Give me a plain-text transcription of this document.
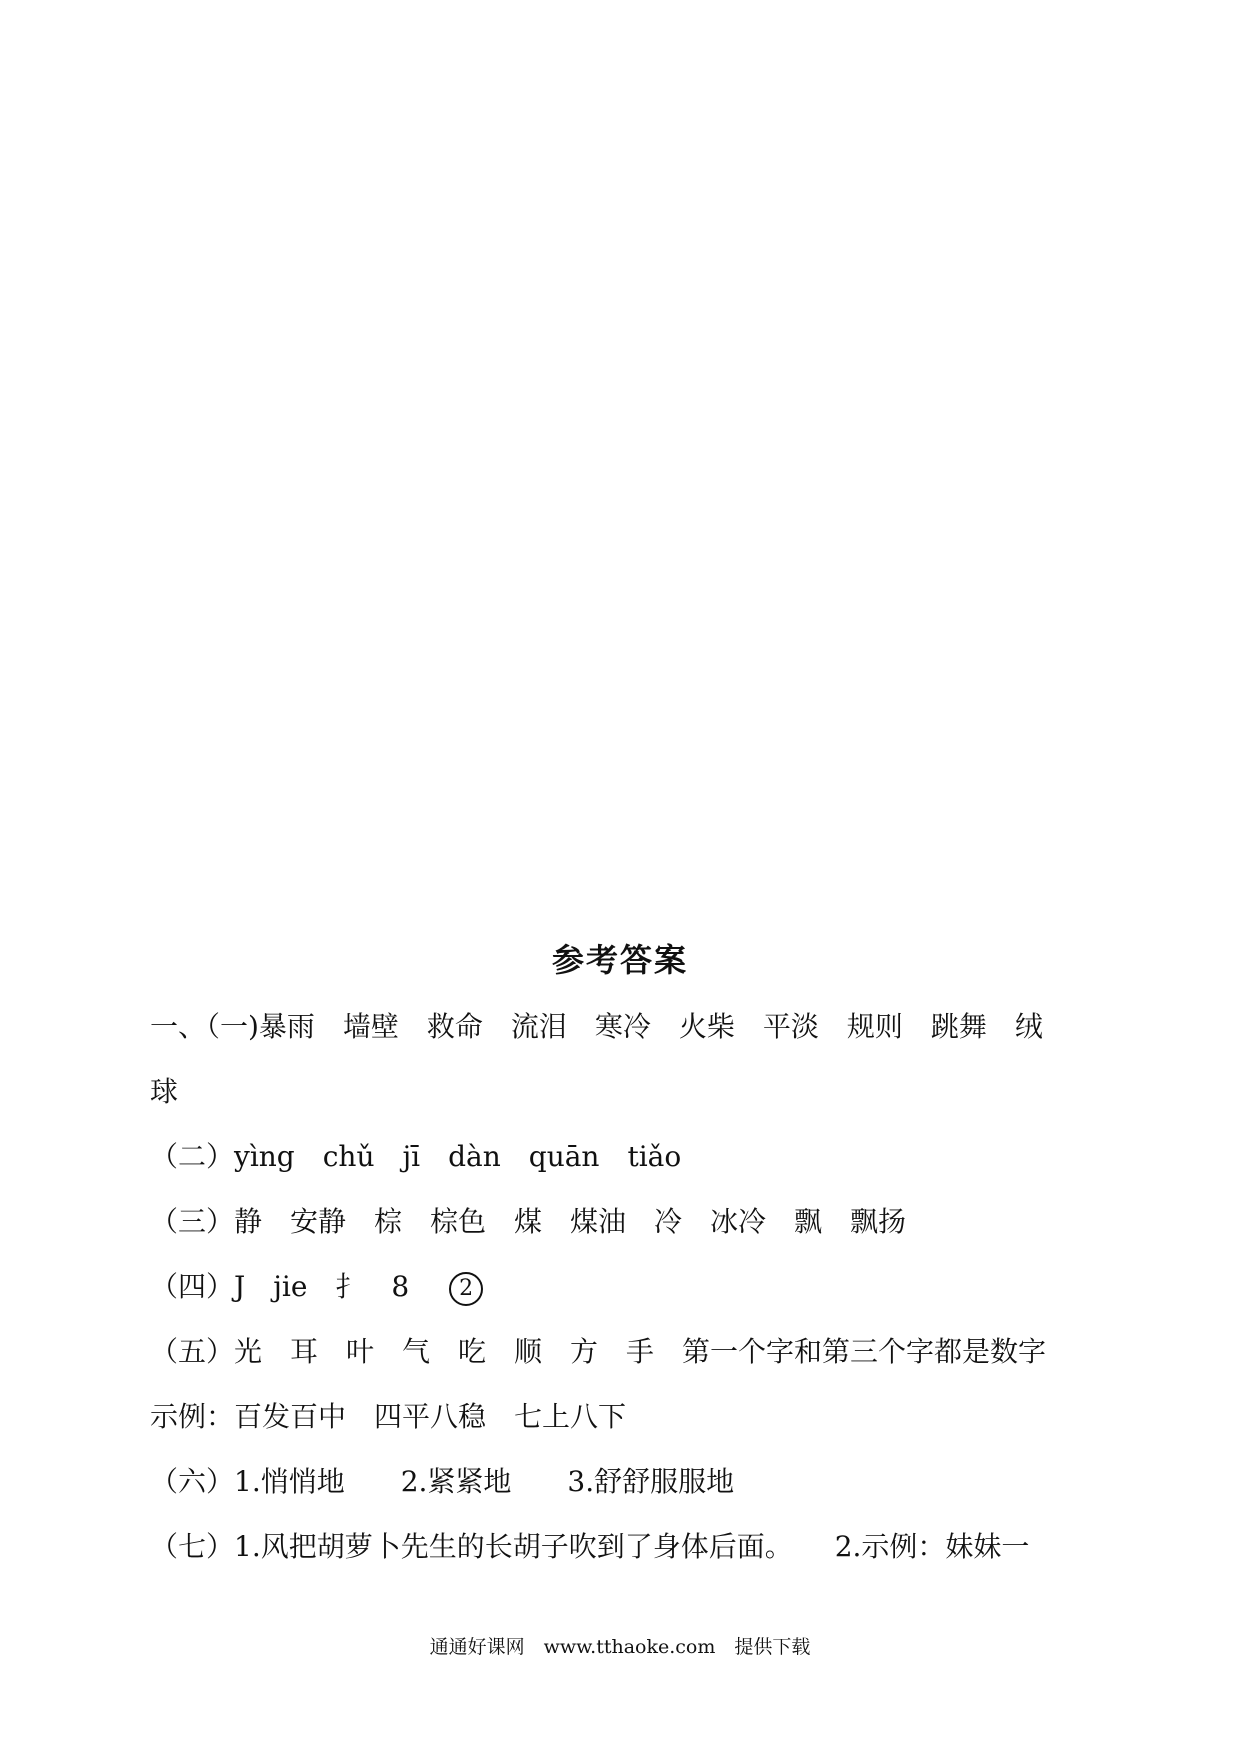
参考答案
一、（一)暴雨　墙壁　救命　流泪　寒冷　火柴　平淡　规则　跳舞　绒
球
（二）yìng　chǔ　jī　dàn　quān　tiǎo
（三）静　安静　棕　棕色　煤　煤油　冷　冰冷　飘　飘扬
（四）J　jie　扌　8 2
（五）光　耳　叶　气　吃　顺　方　手　第一个字和第三个字都是数字
示例：百发百中　四平八稳　七上八下
（六）1.悄悄地　　2.紧紧地　　3.舒舒服服地
（七）1.风把胡萝卜先生的长胡子吹到了身体后面。　　2.示例：妹妹一
通通好课网　www.tthaoke.com　提供下载
